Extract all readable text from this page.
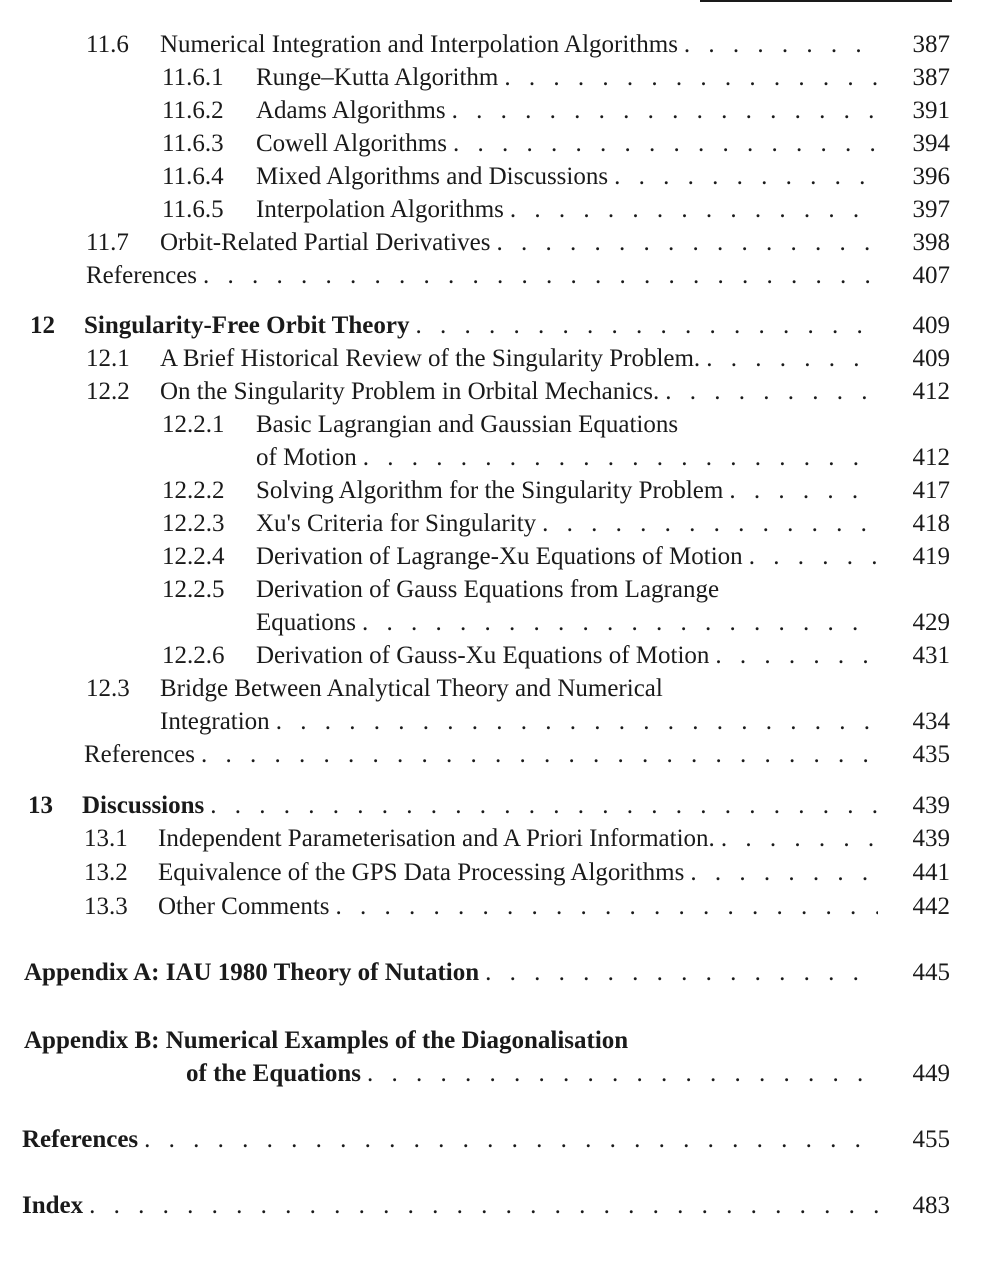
11.6 Numerical Integration and Interpolation Algorithms . . .	387
11.6.1 Runge–Kutta Algorithm . . .	387
11.6.2 Adams Algorithms . . .	391
11.6.3 Cowell Algorithms . . .	394
11.6.4 Mixed Algorithms and Discussions . . .	396
11.6.5 Interpolation Algorithms . . .	397
11.7 Orbit-Related Partial Derivatives . . .	398
References . . .	407
12 Singularity-Free Orbit Theory . . .	409
12.1 A Brief Historical Review of the Singularity Problem. . . .	409
12.2 On the Singularity Problem in Orbital Mechanics. . . .	412
12.2.1 Basic Lagrangian and Gaussian Equations
of Motion . . .	412
12.2.2 Solving Algorithm for the Singularity Problem . . .	417
12.2.3 Xu's Criteria for Singularity . . .	418
12.2.4 Derivation of Lagrange-Xu Equations of Motion . . .	419
12.2.5 Derivation of Gauss Equations from Lagrange
Equations . . .	429
12.2.6 Derivation of Gauss-Xu Equations of Motion . . .	431
12.3 Bridge Between Analytical Theory and Numerical
Integration . . .	434
References . . .	435
13 Discussions . . .	439
13.1 Independent Parameterisation and A Priori Information. . . .	439
13.2 Equivalence of the GPS Data Processing Algorithms . . .	441
13.3 Other Comments . . .	442
Appendix A: IAU 1980 Theory of Nutation . . .	445
Appendix B: Numerical Examples of the Diagonalisation
of the Equations . . .	449
References . . .	455
Index . . .	483
